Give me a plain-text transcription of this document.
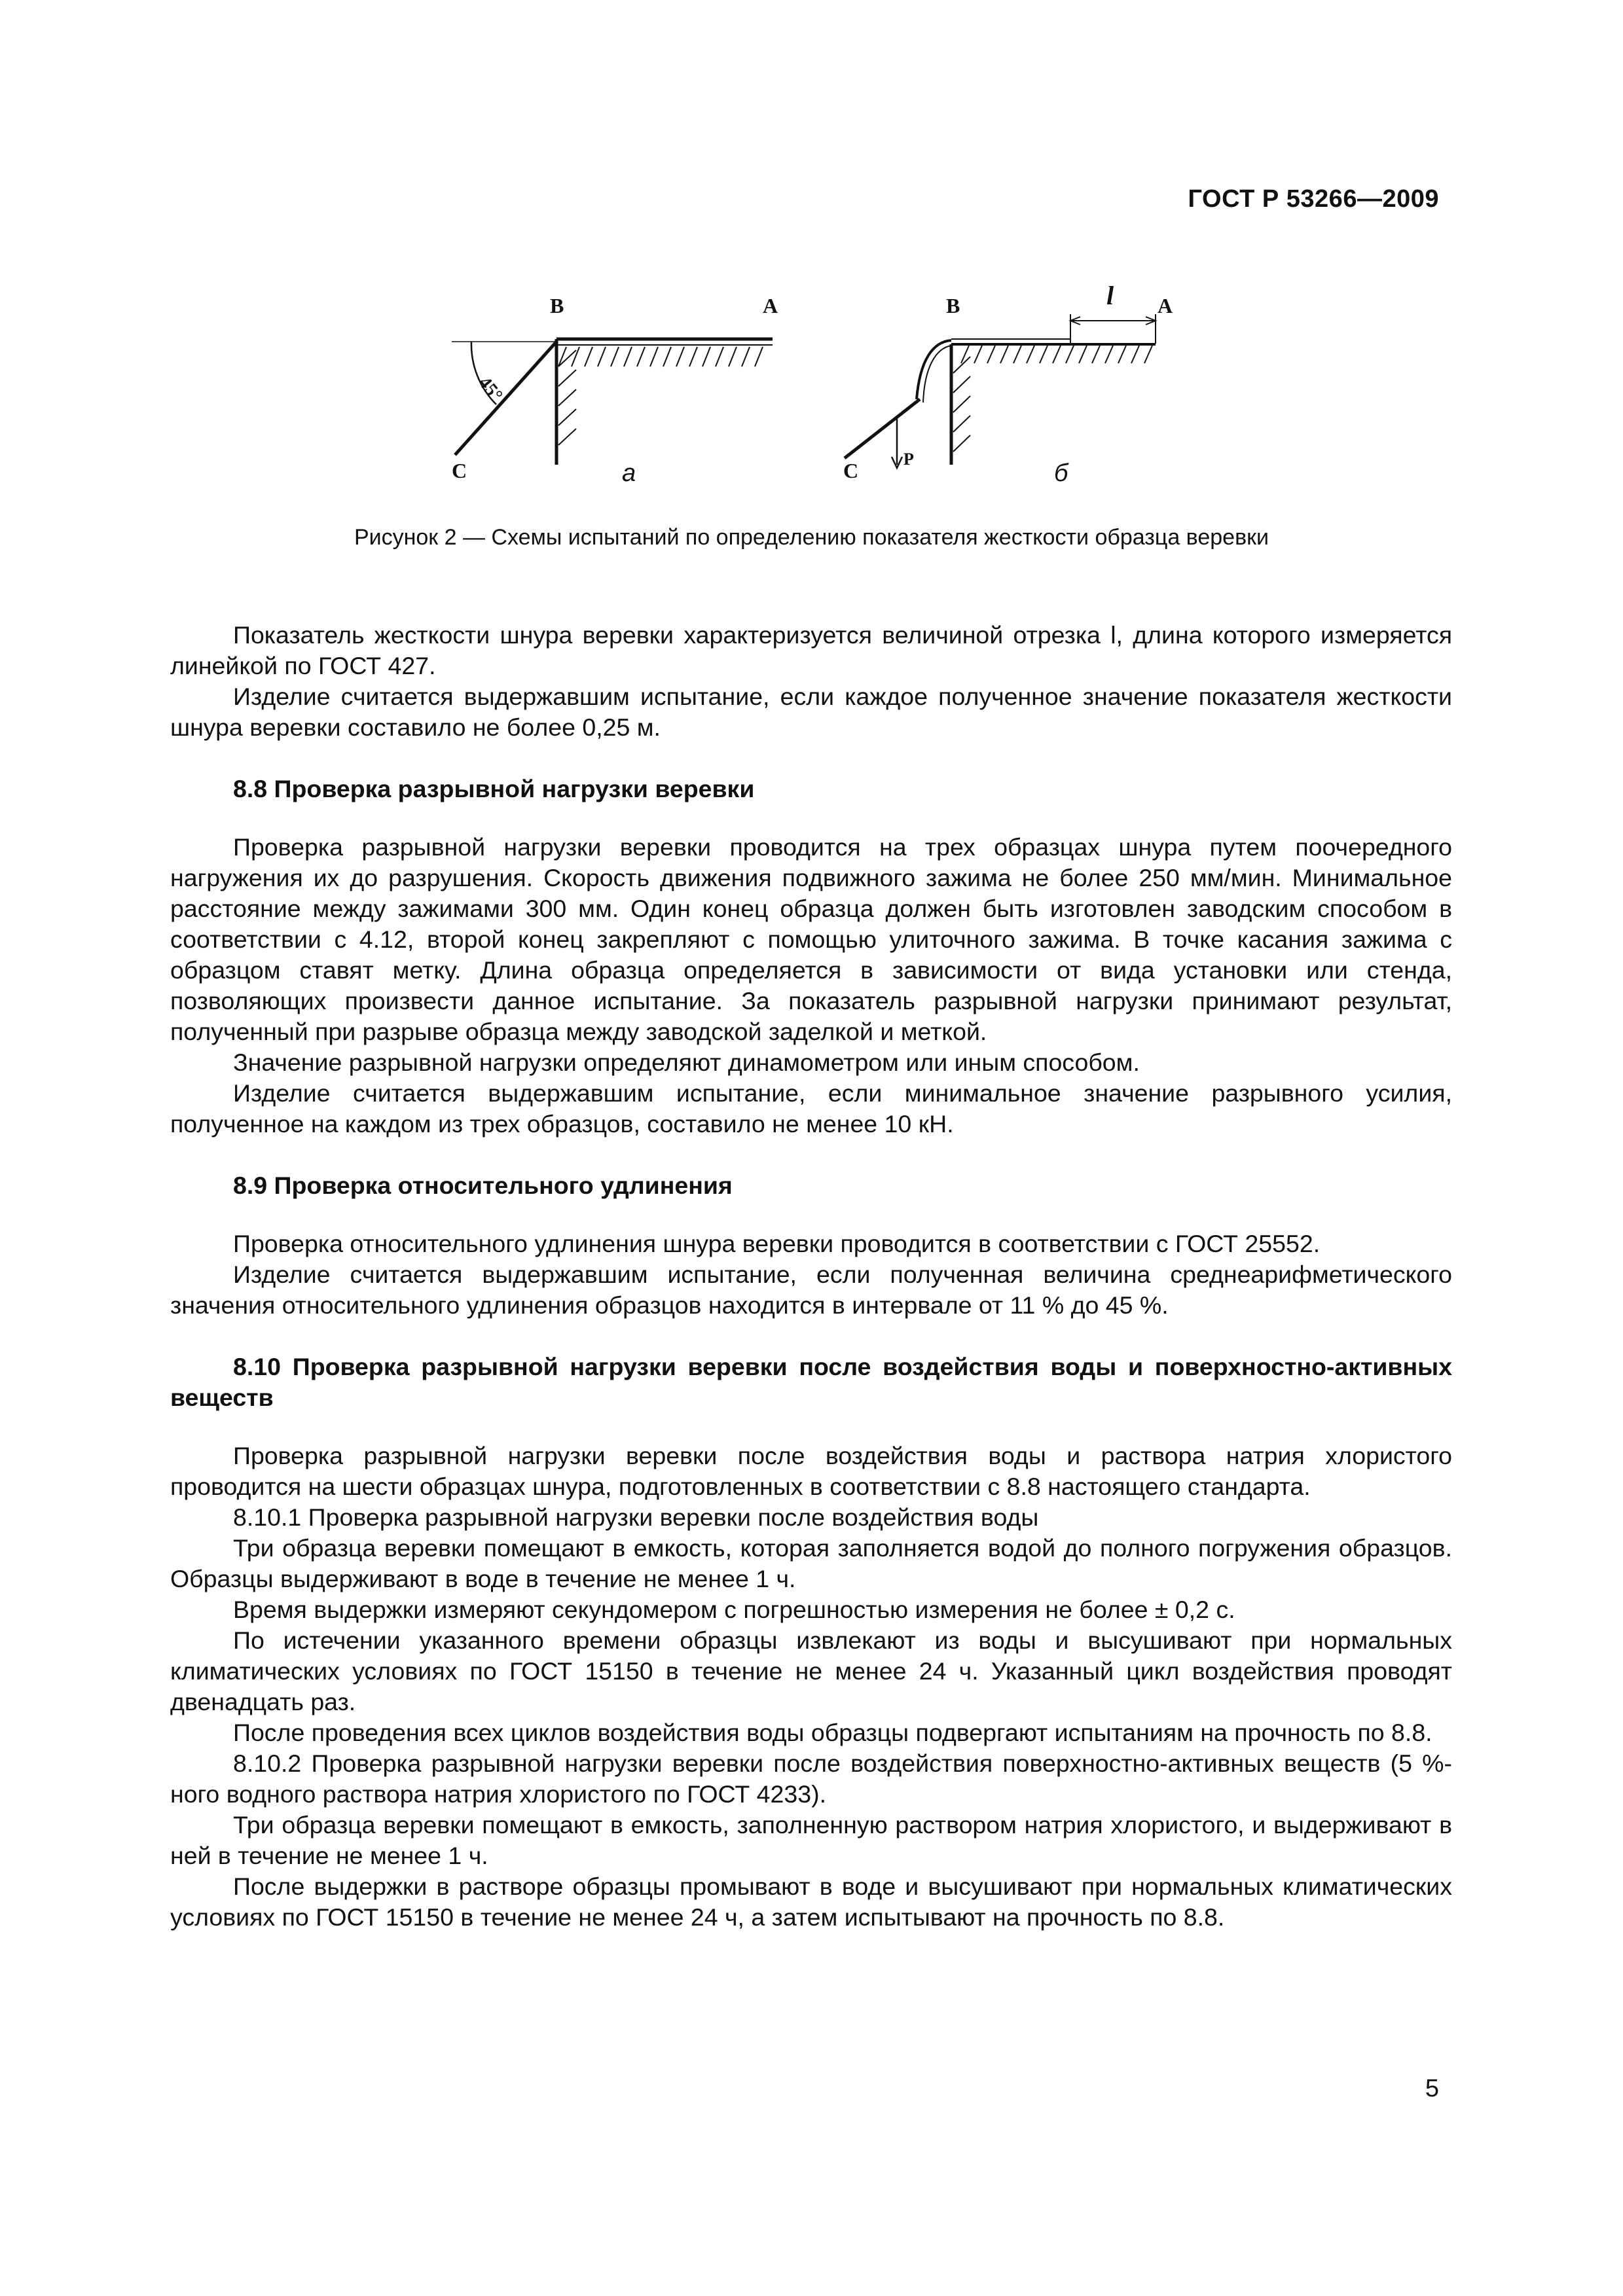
ГОСТ Р 53266—2009
В	А
С
45°
а
В	А
С
l
Р
б
Рисунок 2 — Схемы испытаний по определению показателя жесткости образца веревки

Показатель жесткости шнура веревки характеризуется величиной отрезка l, длина которого измеряется линейкой по ГОСТ 427.

Изделие считается выдержавшим испытание, если каждое полученное значение показателя жесткости шнура веревки составило не более 0,25 м.

8.8 Проверка разрывной нагрузки веревки

Проверка разрывной нагрузки веревки проводится на трех образцах шнура путем поочередного нагружения их до разрушения. Скорость движения подвижного зажима не более 250 мм/мин. Минимальное расстояние между зажимами 300 мм. Один конец образца должен быть изготовлен заводским способом в соответствии с 4.12, второй конец закрепляют с помощью улиточного зажима. В точке касания зажима с образцом ставят метку. Длина образца определяется в зависимости от вида установки или стенда, позволяющих произвести данное испытание. За показатель разрывной нагрузки принимают результат, полученный при разрыве образца между заводской заделкой и меткой.

Значение разрывной нагрузки определяют динамометром или иным способом.

Изделие считается выдержавшим испытание, если минимальное значение разрывного усилия, полученное на каждом из трех образцов, составило не менее 10 кН.

8.9 Проверка относительного удлинения

Проверка относительного удлинения шнура веревки проводится в соответствии с ГОСТ 25552.

Изделие считается выдержавшим испытание, если полученная величина среднеарифметического значения относительного удлинения образцов находится в интервале от 11 % до 45 %.

8.10 Проверка разрывной нагрузки веревки после воздействия воды и поверхностно-активных веществ

Проверка разрывной нагрузки веревки после воздействия воды и раствора натрия хлористого проводится на шести образцах шнура, подготовленных в соответствии с 8.8 настоящего стандарта.

8.10.1 Проверка разрывной нагрузки веревки после воздействия воды

Три образца веревки помещают в емкость, которая заполняется водой до полного погружения образцов. Образцы выдерживают в воде в течение не менее 1 ч.

Время выдержки измеряют секундомером с погрешностью измерения не более ± 0,2 с.

По истечении указанного времени образцы извлекают из воды и высушивают при нормальных климатических условиях по ГОСТ 15150 в течение не менее 24 ч. Указанный цикл воздействия проводят двенадцать раз.

После проведения всех циклов воздействия воды образцы подвергают испытаниям на прочность по 8.8.

8.10.2 Проверка разрывной нагрузки веревки после воздействия поверхностно-активных веществ (5 %-ного водного раствора натрия хлористого по ГОСТ 4233).

Три образца веревки помещают в емкость, заполненную раствором натрия хлористого, и выдерживают в ней в течение не менее 1 ч.

После выдержки в растворе образцы промывают в воде и высушивают при нормальных климатических условиях по ГОСТ 15150 в течение не менее 24 ч, а затем испытывают на прочность по 8.8.

5
